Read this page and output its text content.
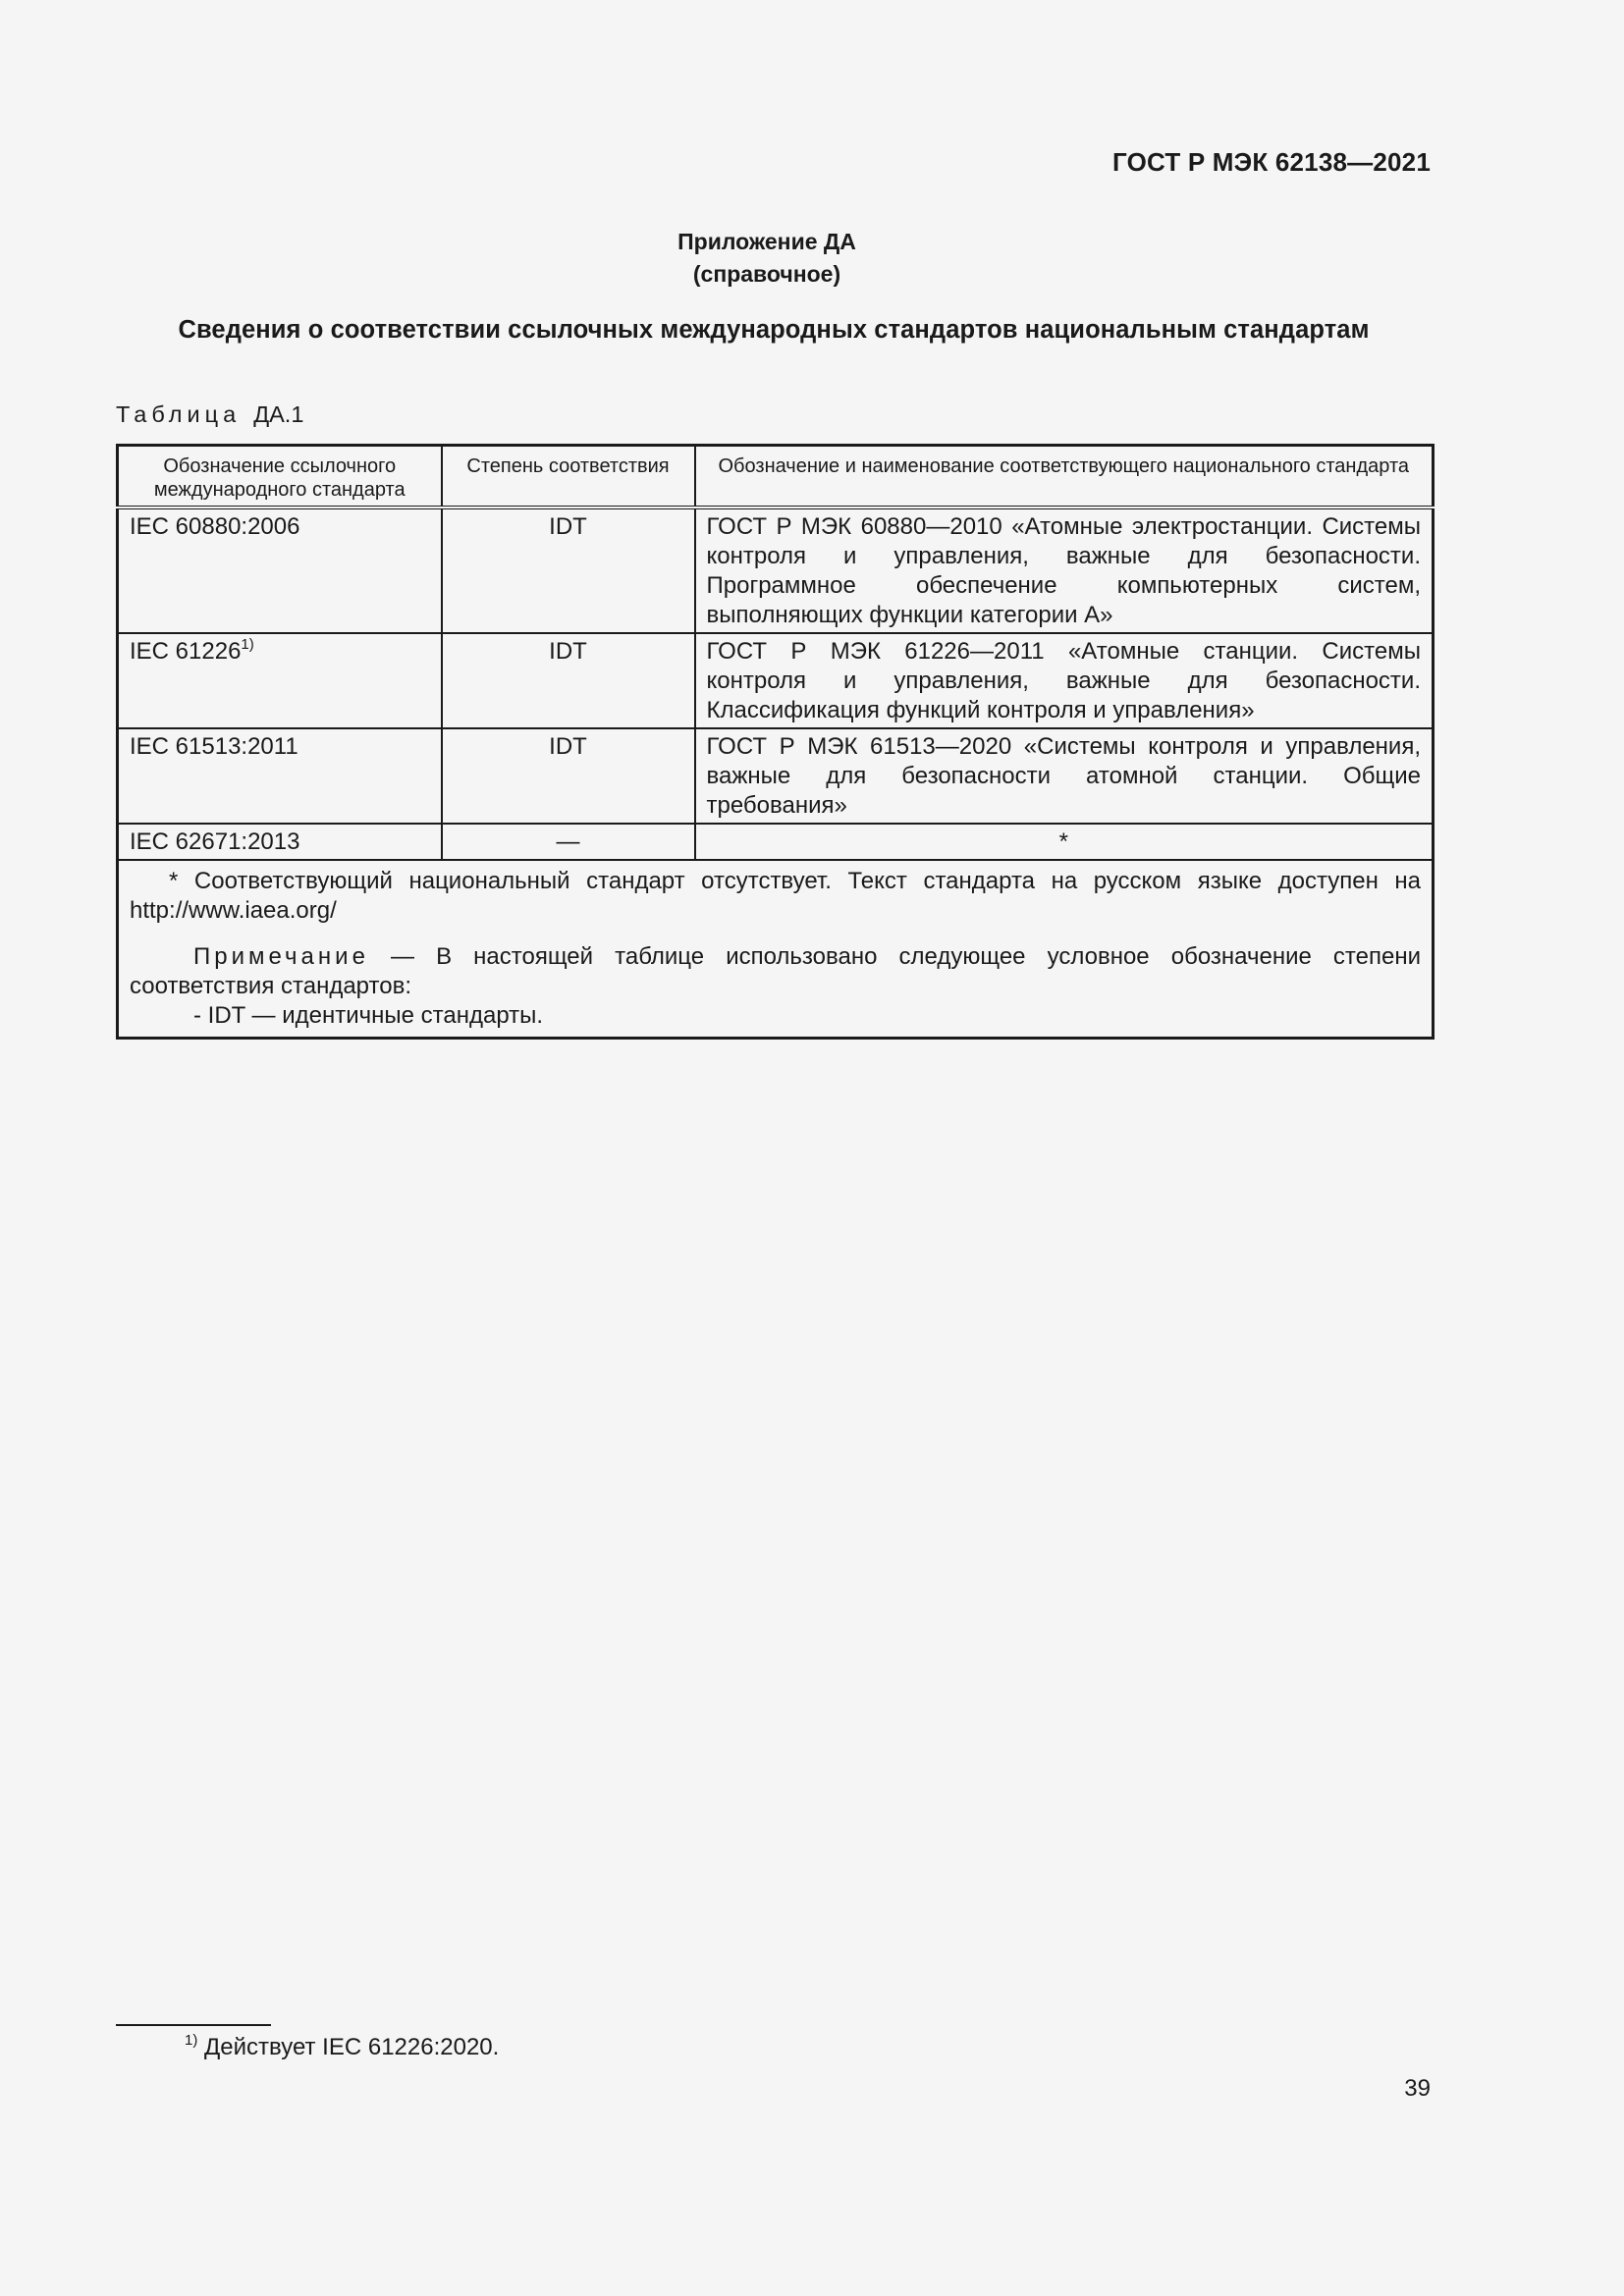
ГОСТ Р МЭК 62138—2021
Приложение ДА
(справочное)
Сведения о соответствии ссылочных международных стандартов национальным стандартам
Таблица ДА.1
Обозначение ссылочного международного стандарта	Степень соответствия	Обозначение и наименование соответствующего национального стандарта
IEC 60880:2006	IDT	ГОСТ Р МЭК 60880—2010 «Атомные электростанции. Системы контроля и управления, важные для безопасности. Программное обеспечение компьютерных систем, выполняющих функции категории А»
IEC 61226$^{1)}$	IDT	ГОСТ Р МЭК 61226—2011 «Атомные станции. Системы контроля и управления, важные для безопасности. Классификация функций контроля и управления»
IEC 61513:2011	IDT	ГОСТ Р МЭК 61513—2020 «Системы контроля и управления, важные для безопасности атомной станции. Общие требования»
IEC 62671:2013	—	*

* Соответствующий национальный стандарт отсутствует. Текст стандарта на русском языке доступен на http://www.iaea.org/

Примечание — В настоящей таблице использовано следующее условное обозначение степени соответствия стандартов:

- IDT — идентичные стандарты.		

$^{1)}$ Действует IEC 61226:2020.
39
